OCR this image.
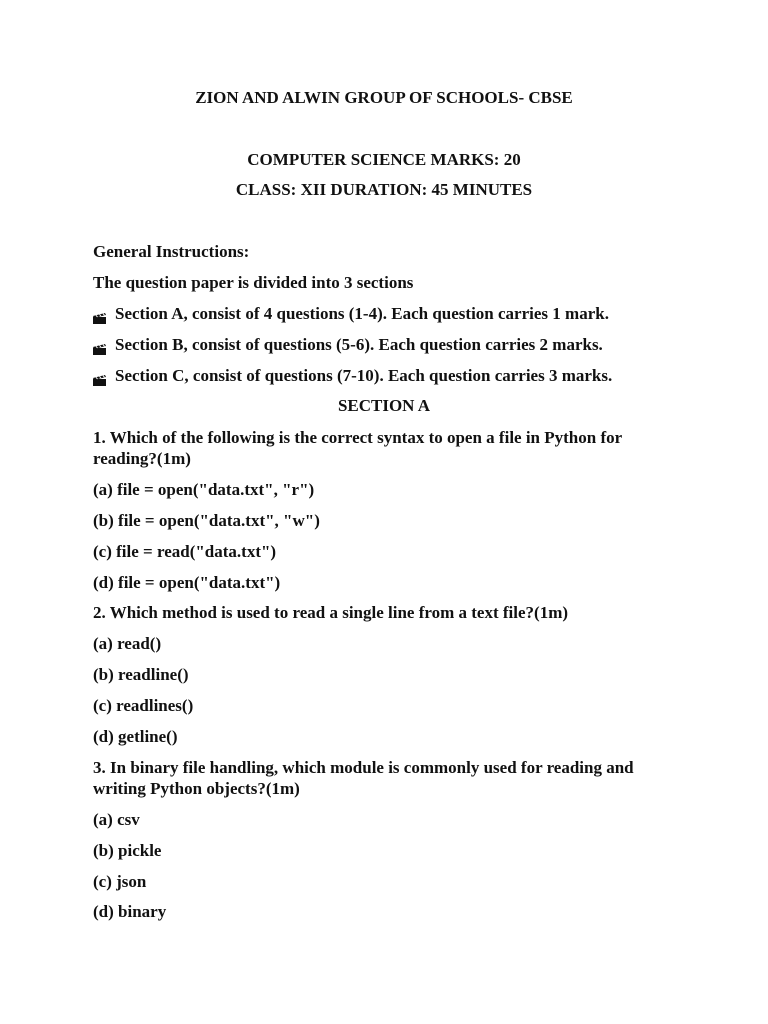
ZION AND ALWIN GROUP OF SCHOOLS- CBSE
COMPUTER SCIENCE MARKS: 20
CLASS: XII DURATION: 45 MINUTES
General Instructions:
The question paper is divided into 3 sections
Section A, consist of 4 questions (1-4). Each question carries 1 mark.
Section B, consist of questions (5-6). Each question carries 2 marks.
Section C, consist of questions (7-10). Each question carries 3 marks.
SECTION A
1. Which of the following is the correct syntax to open a file in Python for reading?(1m)
(a) file = open("data.txt", "r")
(b) file = open("data.txt", "w")
(c) file = read("data.txt")
(d) file = open("data.txt")
2. Which method is used to read a single line from a text file?(1m)
(a) read()
(b) readline()
(c) readlines()
(d) getline()
3. In binary file handling, which module is commonly used for reading and writing Python objects?(1m)
(a) csv
(b) pickle
(c) json
(d) binary
